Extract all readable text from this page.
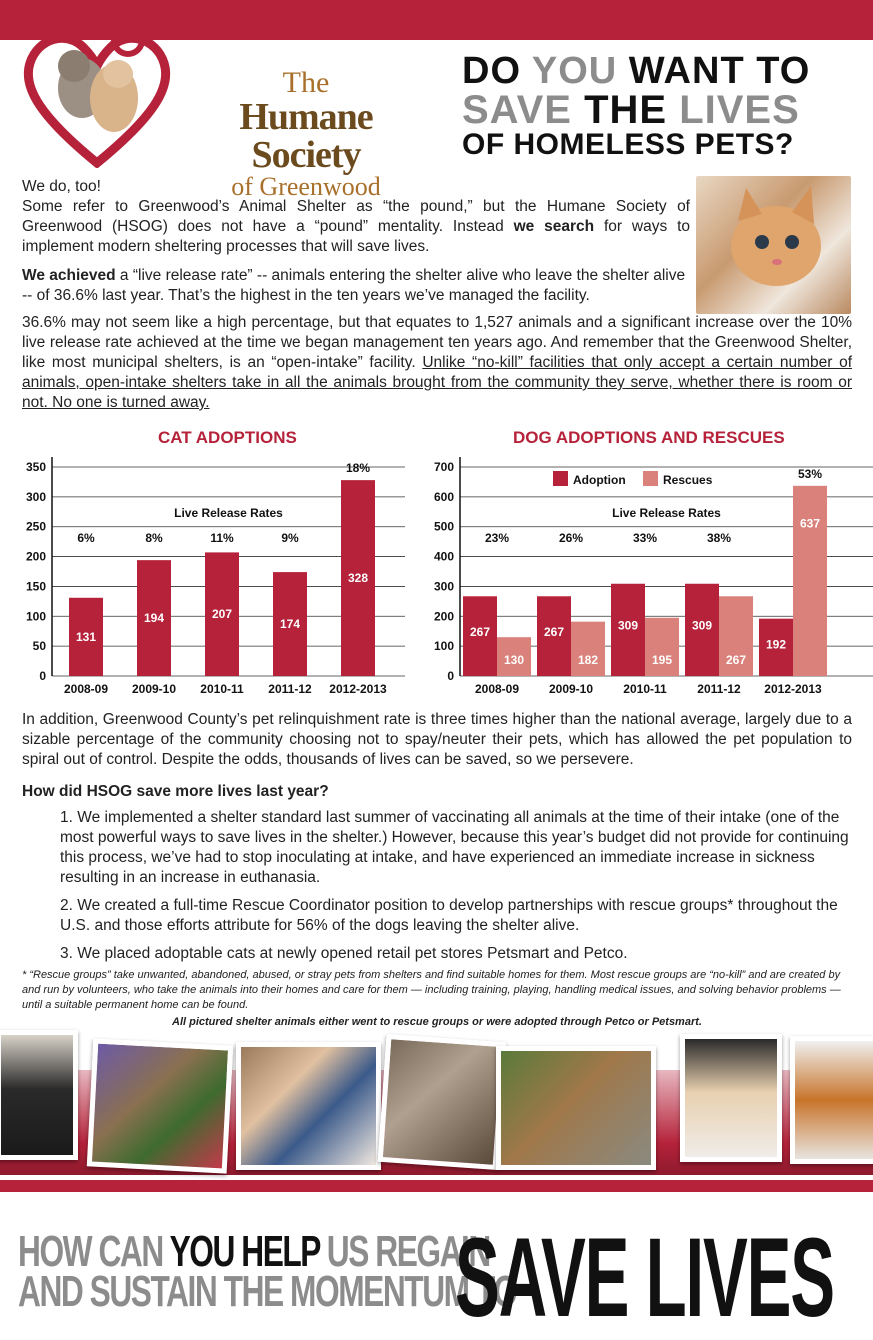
The
Humane Society
of Greenwood
DO YOU WANT TO
SAVE THE LIVES
OF HOMELESS PETS?
We do, too!
Some refer to Greenwood’s Animal Shelter as “the pound,” but the Humane Society of Greenwood (HSOG) does not have a “pound” mentality. Instead we search for ways to implement modern sheltering processes that will save lives.
We achieved a “live release rate” -- animals entering the shelter alive who leave the shelter alive -- of 36.6% last year. That’s the highest in the ten years we’ve managed the facility.
36.6% may not seem like a high percentage, but that equates to 1,527 animals and a significant increase over the 10% live release rate achieved at the time we began management ten years ago. And remember that the Greenwood Shelter, like most municipal shelters, is an “open-intake” facility. Unlike “no-kill” facilities that only accept a certain number of animals, open-intake shelters take in all the animals brought from the community they serve, whether there is room or not. No one is turned away.
CAT ADOPTIONS
0
50
100
150
200
250
300
350
Live Release Rates
2008-09
131
6%
2009-10
194
8%
2010-11
207
11%
2011-12
174
9%
2012-2013
328
18%
DOG ADOPTIONS AND RESCUES
0
100
200
300
400
500
600
700
Live Release Rates
2008-09
267
130
23%
2009-10
267
182
26%
2010-11
309
195
33%
2011-12
309
267
38%
2012-2013
192
637
53%
Adoption	Rescues
In addition, Greenwood County’s pet relinquishment rate is three times higher than the national average, largely due to a sizable percentage of the community choosing not to spay/neuter their pets, which has allowed the pet population to spiral out of control. Despite the odds, thousands of lives can be saved, so we persevere.
How did HSOG save more lives last year?
1. We implemented a shelter standard last summer of vaccinating all animals at the time of their intake (one of the most powerful ways to save lives in the shelter.) However, because this year’s budget did not provide for continuing this process, we’ve had to stop inoculating at intake, and have experienced an immediate increase in sickness resulting in an increase in euthanasia.
2. We created a full-time Rescue Coordinator position to develop partnerships with rescue groups* throughout the U.S. and those efforts attribute for 56% of the dogs leaving the shelter alive.
3. We placed adoptable cats at newly opened retail pet stores Petsmart and Petco.
* “Rescue groups” take unwanted, abandoned, abused, or stray pets from shelters and find suitable homes for them. Most rescue groups are “no-kill” and are created by and run by volunteers, who take the animals into their homes and care for them — including training, playing, handling medical issues, and solving behavior problems — until a suitable permanent home can be found.
All pictured shelter animals either went to rescue groups or were adopted through Petco or Petsmart.
HOW CAN YOU HELP US REGAIN
AND SUSTAIN THE MOMENTUM TO
SAVE LIVES
